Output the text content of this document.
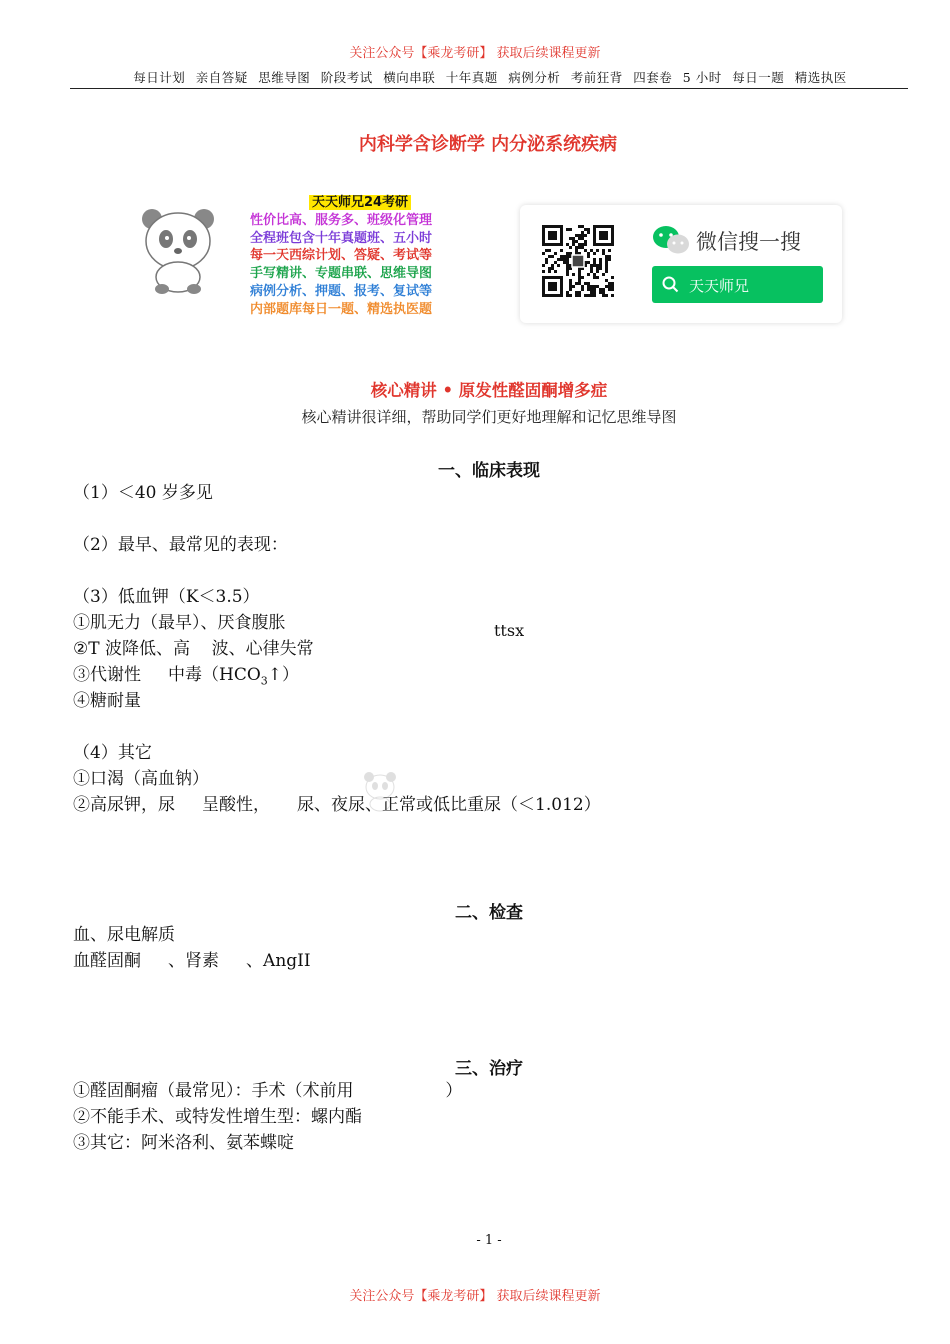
关注公众号【乘龙考研】 获取后续课程更新
每日计划 亲自答疑 思维导图 阶段考试 横向串联 十年真题 病例分析 考前狂背 四套卷 5 小时 每日一题 精选执医
内科学含诊断学 内分泌系统疾病
天天师兄24考研
性价比高、服务多、班级化管理
全程班包含十年真题班、五小时
每一天西综计划、答疑、考试等
手写精讲、专题串联、思维导图
病例分析、押题、报考、复试等
内部题库每日一题、精选执医题
微信搜一搜
天天师兄
核心精讲 • 原发性醛固酮增多症
核心精讲很详细，帮助同学们更好地理解和记忆思维导图
一、临床表现
（1）＜40 岁多见
（2）最早、最常见的表现：
（3）低血钾（K＜3.5）
①肌无力（最早）、厌食腹胀
②T 波降低、高    波、心律失常
③代谢性     中毒$(HCO_3↑)$
④糖耐量
ttsx
（4）其它
①口渴（高血钠）
②高尿钾，尿     呈酸性，     尿、夜尿、正常或低比重尿（＜1.012）
二、检查
血、尿电解质
血醛固酮     、肾素     、AngII
三、治疗
①醛固酮瘤（最常见）：手术（术前用                 ）
②不能手术、或特发性增生型：螺内酯
③其它：阿米洛利、氨苯蝶啶
- 1 -
关注公众号【乘龙考研】 获取后续课程更新
